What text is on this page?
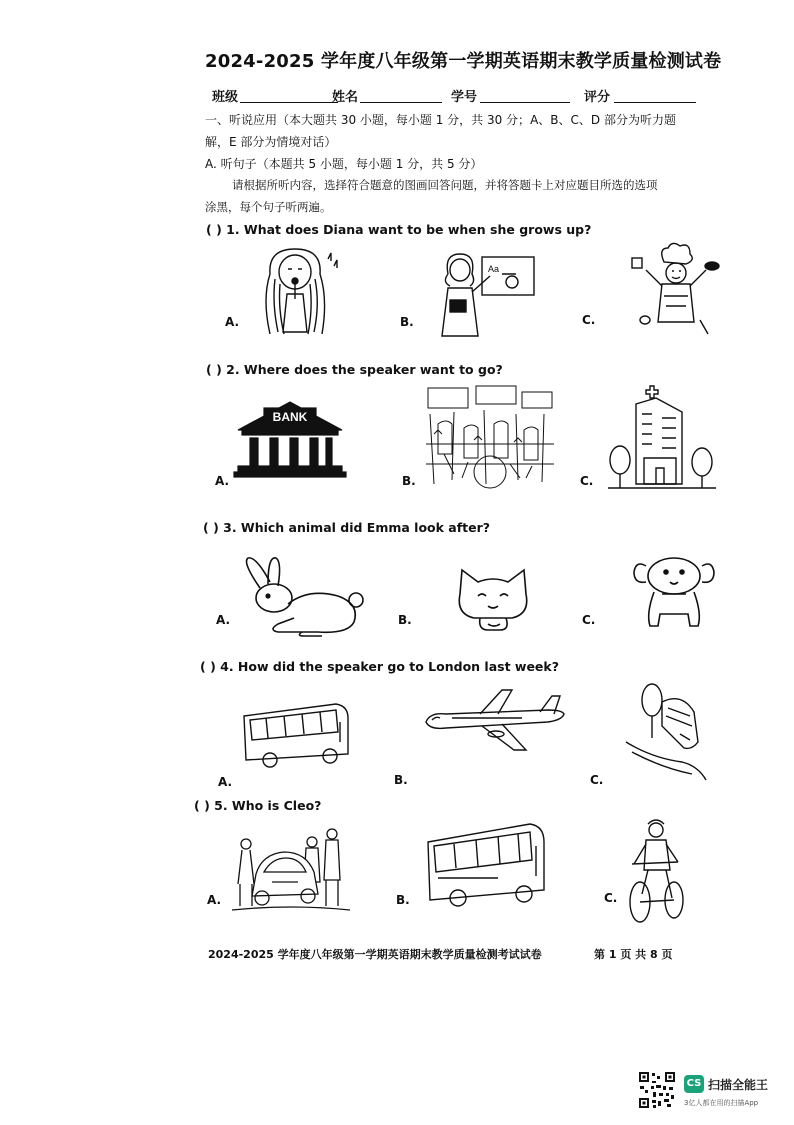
2024-2025 学年度八年级第一学期英语期末教学质量检测试卷
班级	姓名	学号	评分
一、听说应用（本大题共 30 小题，每小题 1 分，共 30 分；A、B、C、D 部分为听力题
解，E 部分为情境对话）
A. 听句子（本题共 5 小题，每小题 1 分，共 5 分）
请根据所听内容，选择符合题意的图画回答问题，并将答题卡上对应题目所选的选项
涂黑，每个句子听两遍。
( ) 1. What does Diana want to be when she grows up?
A.	B.	C.
Aa
( ) 2. Where does the speaker want to go?
A.	B.	C.
BANK
( ) 3. Which animal did Emma look after?
A.	B.	C.
( ) 4. How did the speaker go to London last week?
A.	B.	C.
( ) 5. Who is Cleo?
A.	B.	C.
2024-2025 学年度八年级第一学期英语期末教学质量检测考试试卷	第 1 页 共 8 页
CS 扫描全能王
3亿人都在用的扫描App
